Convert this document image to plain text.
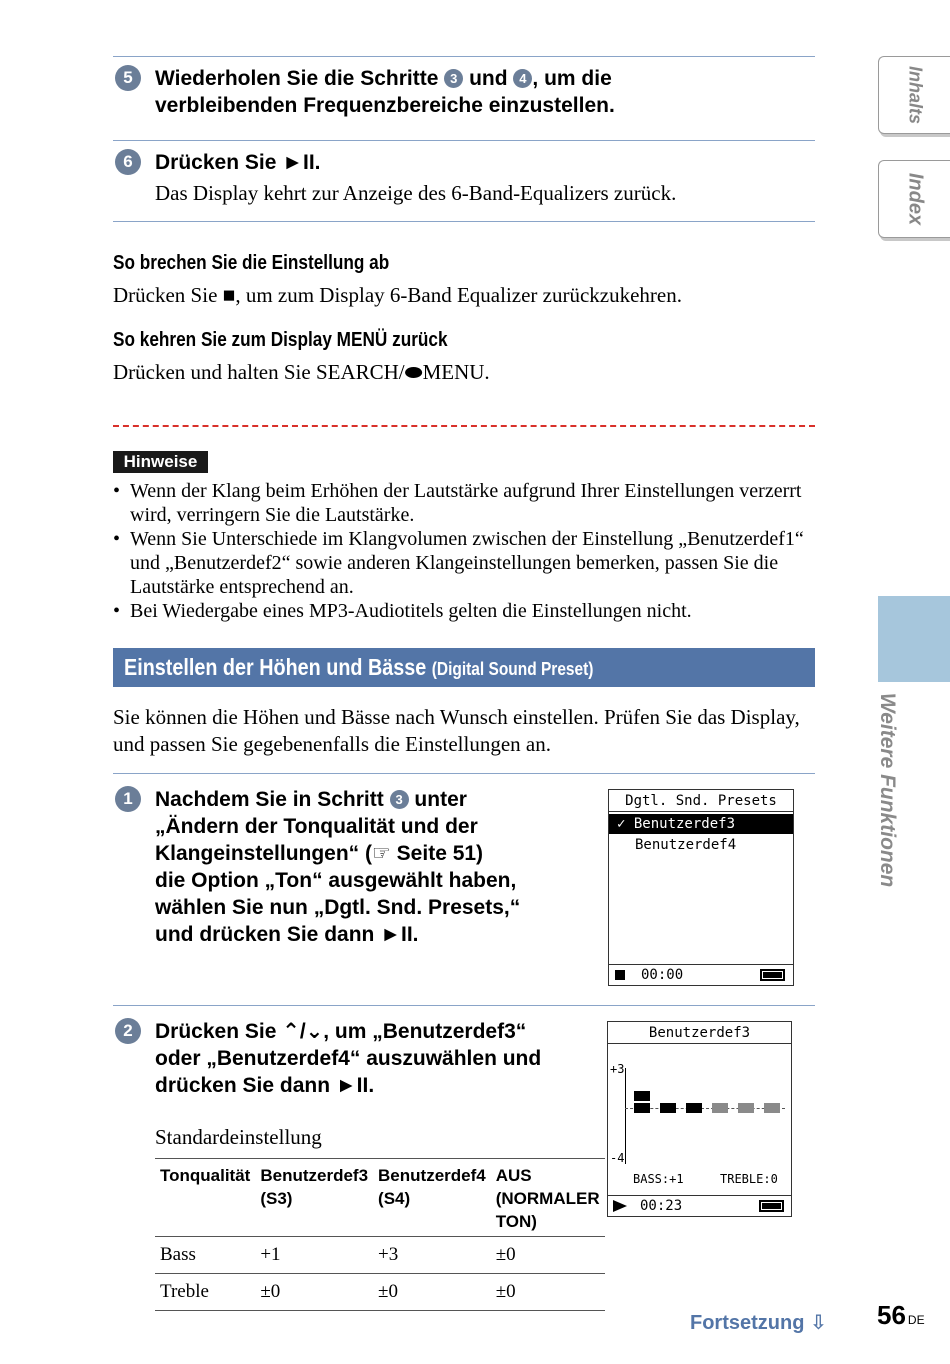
Inhalts
Index
Weitere Funktionen
5	Wiederholen Sie die Schritte 3 und 4 , um die
verbleibenden Frequenzbereiche einzustellen.
6	Drücken Sie ►II.
Das Display kehrt zur Anzeige des 6-Band-Equalizers zurück.
So brechen Sie die Einstellung ab
Drücken Sie ■, um zum Display 6-Band Equalizer zurückzukehren.
So kehren Sie zum Display MENÜ zurück
Drücken und halten Sie SEARCH/⬬MENU.
Hinweise
• Wenn der Klang beim Erhöhen der Lautstärke aufgrund Ihrer Einstellungen verzerrt wird, verringern Sie die Lautstärke.
• Wenn Sie Unterschiede im Klangvolumen zwischen der Einstellung „Benutzerdef1“ und „Benutzerdef2“ sowie anderen Klangeinstellungen bemerken, passen Sie die Lautstärke entsprechend an.
• Bei Wiedergabe eines MP3-Audiotitels gelten die Einstellungen nicht.
Einstellen der Höhen und Bässe (Digital Sound Preset)
Sie können die Höhen und Bässe nach Wunsch einstellen. Prüfen Sie das Display, und passen Sie gegebenenfalls die Einstellungen an.
1	Nachdem Sie in Schritt 3 unter
„Ändern der Tonqualität und der
Klangeinstellungen“ (☞ Seite 51)
die Option „Ton“ ausgewählt haben,
wählen Sie nun „Dgtl. Snd. Presets,“
und drücken Sie dann ►II.
Dgtl. Snd. Presets
✓ Benutzerdef3
Benutzerdef4
00:00
2	Drücken Sie ⌃/⌄, um „Benutzerdef3“
oder „Benutzerdef4“ auszuwählen und
drücken Sie dann ►II.
Standardeinstellung
Benutzerdef3
+3
-4
BASS:+1	TREBLE:0
00:23
Tonqualität	Benutzerdef3 (S3)	Benutzerdef4 (S4)	AUS (NORMALER TON)
Bass	+1	+3	±0
Treble	±0	±0	±0
Fortsetzung ⇩ 56 DE
